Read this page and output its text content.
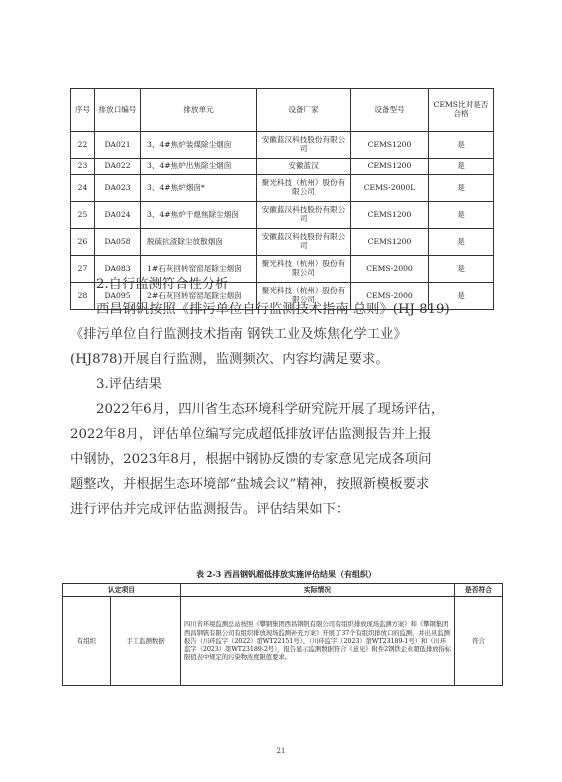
序号	排放口编号	排放单元	设备厂家	设备型号	CEMS比对是否合格
22	DA021	3、4#焦炉装煤除尘烟囱	安徽蓝汉科技股份有限公司	CEMS1200	是
23	DA022	3、4#焦炉出焦除尘烟囱	安徽蓝汉	CEMS1200	是
24	DA023	3、4#焦炉烟囱*	聚光科技（杭州）股份有限公司	CEMS-2000L	是
25	DA024	3、4#焦炉干熄焦除尘烟囱	安徽蓝汉科技股份有限公司	CEMS1200	是
26	DA058	脱硫抗渣除尘放散烟囱	安徽蓝汉科技股份有限公司	CEMS1200	是
27	DA083	1#石灰回转窑窑尾除尘烟囱	聚光科技（杭州）股份有限公司	CEMS-2000	是
28	DA095	2#石灰回转窑窑尾除尘烟囱	聚光科技（杭州）股份有限公司	CEMS-2000	是

2.自行监测符合性分析

西昌钢钒按照《排污单位自行监测技术指南 总则》(HJ 819)

《排污单位自行监测技术指南 钢铁工业及炼焦化学工业》

(HJ878)开展自行监测，监测频次、内容均满足要求。

3.评估结果

2022年6月，四川省生态环境科学研究院开展了现场评估，

2022年8月，评估单位编写完成超低排放评估监测报告并上报

中钢协，2023年8月，根据中钢协反馈的专家意见完成各项问

题整改，并根据生态环境部“盐城会议”精神，按照新模板要求

进行评估并完成评估监测报告。评估结果如下：

表 2-3 西昌钢钒超低排放实施评估结果（有组织）
认定项目		实际情况	是否符合
有组织	手工监测数据	四川省环境监测总站按照《攀钢集团西昌钢钒有限公司有组织排放现场监测方案》和《攀钢集团西昌钢钒有限公司有组织排放现场监测补充方案》开展了37个有组织排放口的监测，并出具监测报告（川环监字（2022）第WT22151号）、（川环监字（2023）第WT23189-1号）和（川环监字（2023）第WT23189-2号），报告显示监测数据符合《意见》附件2钢铁企业超低排放指标限值表中规定的污染物浓度限值要求。	符合
21
